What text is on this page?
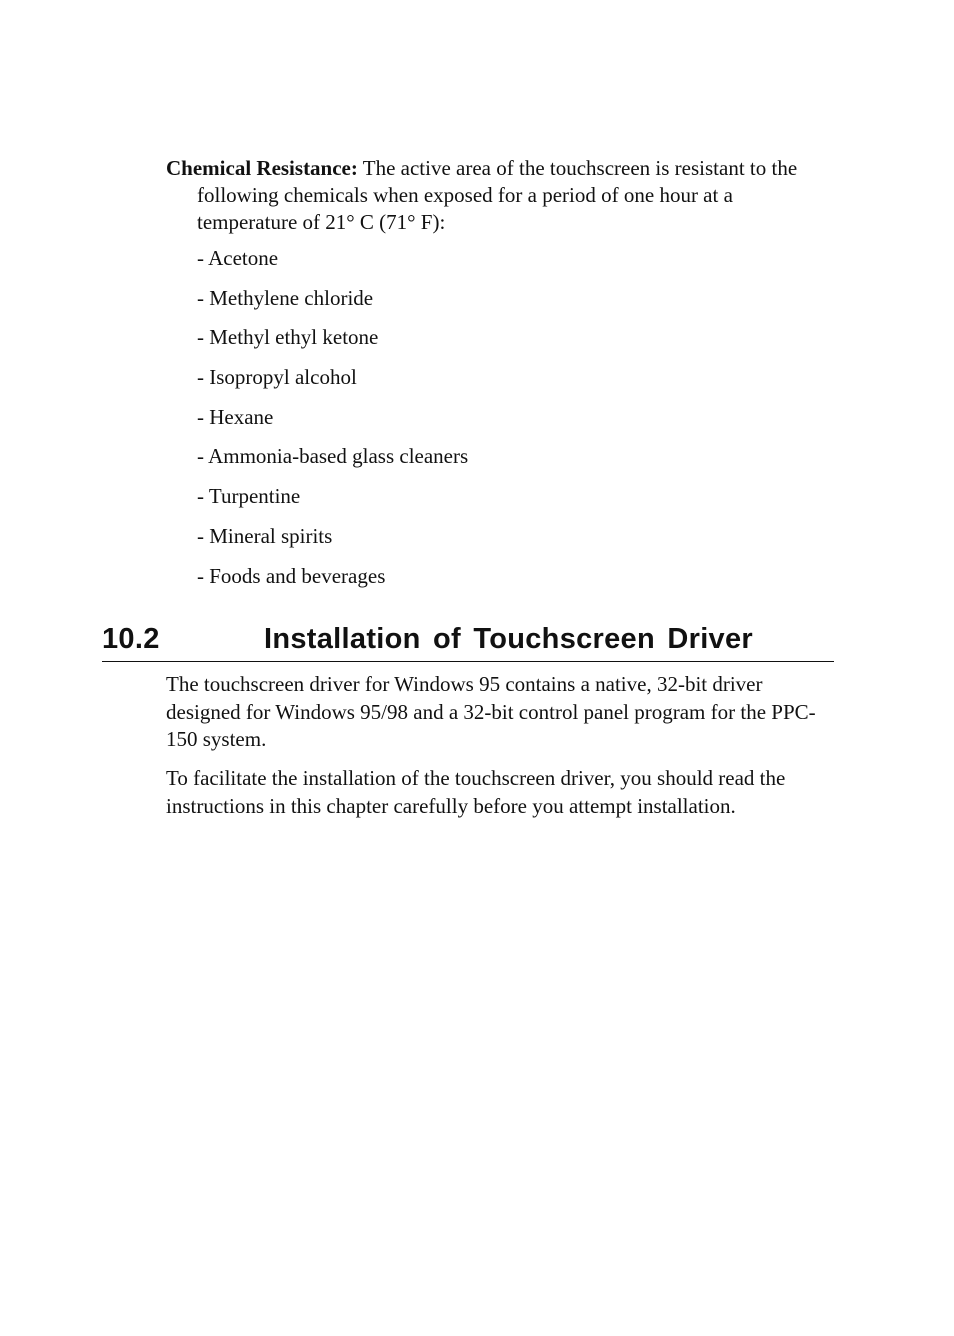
Chemical Resistance: The active area of the touchscreen is resistant to the following chemicals when exposed for a period of one hour at a temperature of 21° C (71° F):

- Acetone
- Methylene chloride
- Methyl ethyl ketone
- Isopropyl alcohol
- Hexane
- Ammonia-based glass cleaners
- Turpentine
- Mineral spirits
- Foods and beverages
10.2	Installation of Touchscreen Driver

The touchscreen driver for Windows 95 contains a native, 32-bit driver designed for Windows 95/98 and a 32-bit control panel program for the PPC-150 system.

To facilitate the installation of the touchscreen driver, you should read the instructions in this chapter carefully before you attempt installation.
